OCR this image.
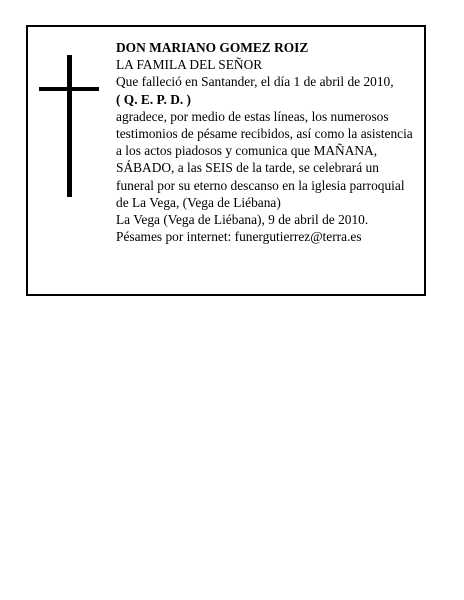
DON MARIANO GOMEZ ROIZ
LA FAMILA DEL SEÑOR
Que falleció en Santander, el día 1 de abril de 2010,
( Q. E. P. D. )
agradece, por medio de estas líneas, los numerosos
testimonios de pésame recibidos, así como la asistencia
a los actos piadosos y comunica que MAÑANA,
SÁBADO, a las SEIS de la tarde, se celebrará un
funeral por su eterno descanso en la iglesia parroquial
de La Vega, (Vega de Liébana)
La Vega (Vega de Liébana), 9 de abril de 2010.
Pésames por internet: funergutierrez@terra.es
